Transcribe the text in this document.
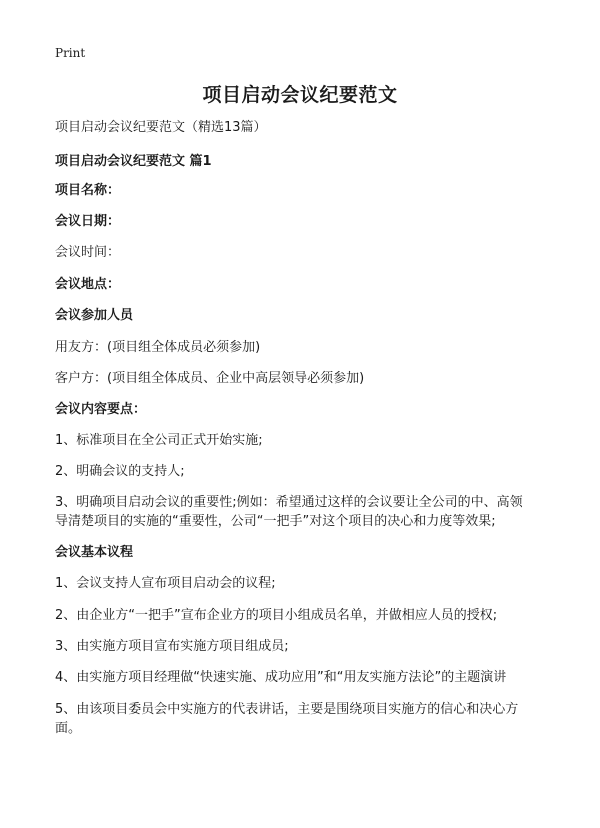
Print
项目启动会议纪要范文
项目启动会议纪要范文（精选13篇）
项目启动会议纪要范文 篇1
项目名称：
会议日期：
会议时间：
会议地点：
会议参加人员
用友方：(项目组全体成员必须参加)
客户方：(项目组全体成员、企业中高层领导必须参加)
会议内容要点：
1、标准项目在全公司正式开始实施;
2、明确会议的支持人;
3、明确项目启动会议的重要性;例如：希望通过这样的会议要让全公司的中、高领
导清楚项目的实施的“重要性，公司“一把手”对这个项目的决心和力度等效果;
会议基本议程
1、会议支持人宣布项目启动会的议程;
2、由企业方“一把手”宣布企业方的项目小组成员名单，并做相应人员的授权;
3、由实施方项目宣布实施方项目组成员;
4、由实施方项目经理做“快速实施、成功应用”和“用友实施方法论”的主题演讲
5、由该项目委员会中实施方的代表讲话，主要是围绕项目实施方的信心和决心方
面。
